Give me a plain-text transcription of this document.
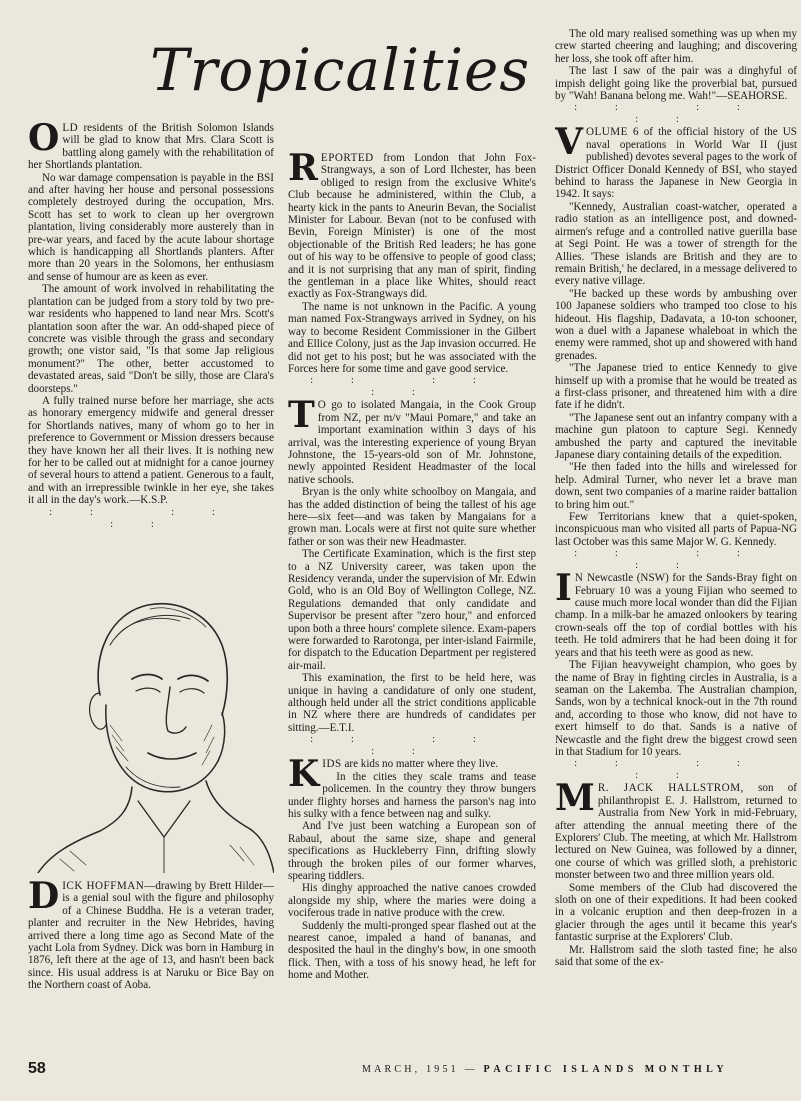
Tropicalities

OLD residents of the British Solomon Islands will be glad to know that Mrs. Clara Scott is battling along gamely with the rehabilitation of her Shortlands plantation.

No war damage compensation is payable in the BSI and after having her house and personal possessions completely destroyed during the occupation, Mrs. Scott has set to work to clean up her overgrown plantation, living considerably more austerely than in pre-war years, and faced by the acute labour shortage which is handicapping all Shortlands planters. After more than 20 years in the Solomons, her enthusiasm and sense of humour are as keen as ever.

The amount of work involved in rehabilitating the plantation can be judged from a story told by two pre-war residents who happened to land near Mrs. Scott's plantation soon after the war. An odd-shaped piece of concrete was visible through the grass and secondary growth; one vistor said, "Is that some Jap religious monument?" The other, better accustomed to devastated areas, said "Don't be silly, those are Clara's doorsteps."

A fully trained nurse before her marriage, she acts as honorary emergency midwife and general dresser for Shortlands natives, many of whom go to her in preference to Government or Mission dressers because they have known her all their lives. It is nothing new for her to be called out at midnight for a canoe journey of several hours to attend a patient. Generous to a fault, and with an irrepressible twinkle in her eye, she takes it all in the day's work.—K.S.P.

:: :: ::

DICK HOFFMAN—drawing by Brett Hilder—is a genial soul with the figure and philosophy of a Chinese Buddha. He is a veteran trader, planter and recruiter in the New Hebrides, having arrived there a long time ago as Second Mate of the yacht Lola from Sydney. Dick was born in Hamburg in 1876, left there at the age of 13, and hasn't been back since. His usual address is at Naruku or Bice Bay on the Northern coast of Aoba.

REPORTED from London that John Fox-Strangways, a son of Lord Ilchester, has been obliged to resign from the exclusive White's Club because he administered, within the Club, a hearty kick in the pants to Aneurin Bevan, the Socialist Minister for Labour. Bevan (not to be confused with Bevin, Foreign Minister) is one of the most objectionable of the British Red leaders; he has gone out of his way to be offensive to people of good class; and it is not surprising that any man of spirit, finding the gentleman in a place like Whites, should react exactly as Fox-Strangways did.

The name is not unknown in the Pacific. A young man named Fox-Strangways arrived in Sydney, on his way to become Resident Commissioner in the Gilbert and Ellice Colony, just as the Jap invasion occurred. He did not get to his post; but he was associated with the Forces here for some time and gave good service.

:: :: ::

T O go to isolated Mangaia, in the Cook Group from NZ, per m/v "Maui Pomare," and take an important examination within 3 days of his arrival, was the interesting experience of young Bryan Johnstone, the 15-years-old son of Mr. Johnstone, newly appointed Resident Headmaster of the local native schools.

Bryan is the only white schoolboy on Mangaia, and has the added distinction of being the tallest of his age here—six feet—and was taken by Mangaians for a grown man. Locals were at first not quite sure whether father or son was their new Headmaster.

The Certificate Examination, which is the first step to a NZ University career, was taken upon the Residency veranda, under the supervision of Mr. Edwin Gold, who is an Old Boy of Wellington College, NZ. Regulations demanded that only candidate and Supervisor be present after "zero hour," and enforced upon both a three hours' complete silence. Exam-papers were forwarded to Rarotonga, per inter-island Fairmile, for dispatch to the Education Department per registered air-mail.

This examination, the first to be held here, was unique in having a candidature of only one student, although held under all the strict conditions applicable in NZ where there are hundreds of candidates per sitting.—E.T.I.

:: :: ::

KIDS are kids no matter where they live.

In the cities they scale trams and tease policemen. In the country they throw bungers under flighty horses and harness the parson's nag into his sulky with a fence between nag and sulky.

And I've just been watching a European son of Rabaul, about the same size, shape and general specifications as Huckleberry Finn, drifting slowly through the broken piles of our former wharves, spearing tiddlers.

His dinghy approached the native canoes crowded alongside my ship, where the maries were doing a vociferous trade in native produce with the crew.

Suddenly the multi-pronged spear flashed out at the nearest canoe, impaled a hand of bananas, and desposited the haul in the dinghy's bow, in one smooth flick. Then, with a toss of his snowy head, he left for home and Mother.

The old mary realised something was up when my crew started cheering and laughing; and discovering her loss, she took off after him.

The last I saw of the pair was a dinghyful of impish delight going like the proverbial bat, pursued by "Wah! Banana belong me. Wah!"—SEAHORSE.

:: :: ::

VOLUME 6 of the official history of the US naval operations in World War II (just published) devotes several pages to the work of District Officer Donald Kennedy of BSI, who stayed behind to harass the Japanese in New Georgia in 1942. It says:

"Kennedy, Australian coast-watcher, operated a radio station as an intelligence post, and downed-airmen's refuge and a controlled native guerilla base at Segi Point. He was a tower of strength for the Allies. 'These islands are British and they are to remain British,' he declared, in a message delivered to every native village.

"He backed up these words by ambushing over 100 Japanese soldiers who tramped too close to his hideout. His flagship, Dadavata, a 10-ton schooner, won a duel with a Japanese whaleboat in which the enemy were rammed, shot up and showered with hand grenades.

"The Japanese tried to entice Kennedy to give himself up with a promise that he would be treated as a first-class prisoner, and threatened him with a dire fate if he didn't.

"The Japanese sent out an infantry company with a machine gun platoon to capture Segi. Kennedy ambushed the party and captured the inevitable Japanese diary containing details of the expedition.

"He then faded into the hills and wirelessed for help. Admiral Turner, who never let a brave man down, sent two companies of a marine raider battalion to bring him out."

Few Territorians knew that a quiet-spoken, inconspicuous man who visited all parts of Papua-NG last October was this same Major W. G. Kennedy.

:: :: ::

I N Newcastle (NSW) for the Sands-Bray fight on February 10 was a young Fijian who seemed to cause much more local wonder than did the Fijian champ. In a milk-bar he amazed onlookers by tearing crown-seals off the top of cordial bottles with his teeth. He told admirers that he had been doing it for years and that his teeth were as good as new.

The Fijian heavyweight champion, who goes by the name of Bray in fighting circles in Australia, is a seaman on the Lakemba. The Australian champion, Sands, won by a technical knock-out in the 7th round and, according to those who know, did not have to exert himself to do that. Sands is a native of Newcastle and the fight drew the biggest crowd seen in that Stadium for 10 years.

:: :: ::

M R. JACK HALLSTROM, son of philanthropist E. J. Hallstrom, returned to Australia from New York in mid-February, after attending the annual meeting there of the Explorers' Club. The meeting, at which Mr. Hallstrom lectured on New Guinea, was followed by a dinner, one course of which was grilled sloth, a prehistoric monster between two and three million years old.

Some members of the Club had discovered the sloth on one of their expeditions. It had been cooked in a volcanic eruption and then deep-frozen in a glacier through the ages until it became this year's fantastic surprise at the Explorers' Club.

Mr. Hallstrom said the sloth tasted fine; he also said that some of the ex-

58	MARCH, 1951 — PACIFIC ISLANDS MONTHLY
